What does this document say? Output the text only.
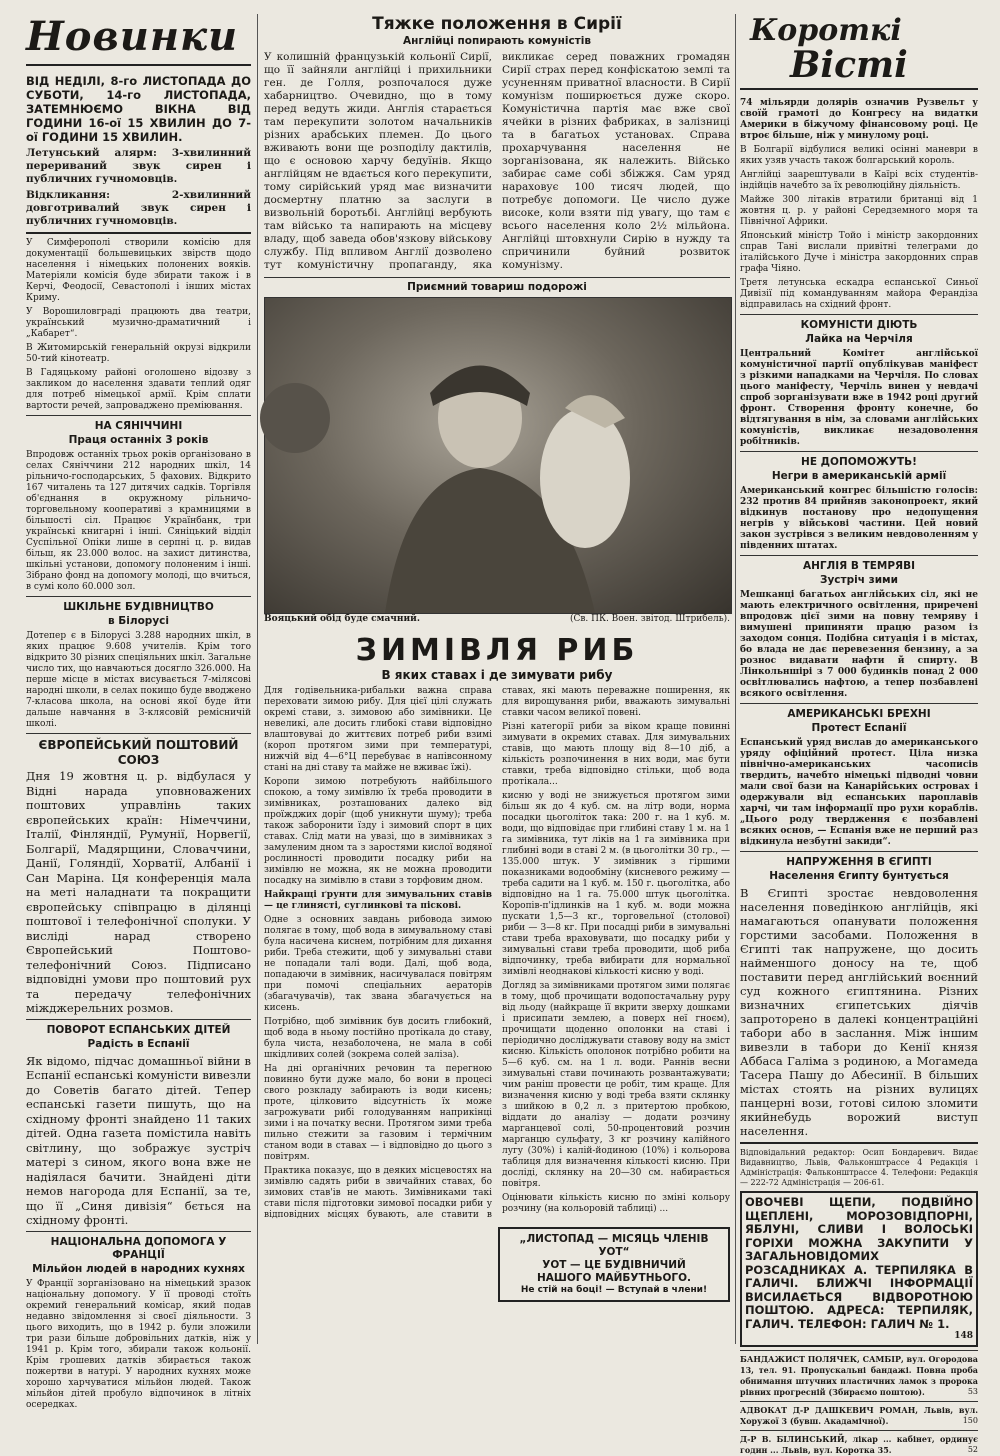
Новинки

ВІД НЕДІЛІ, 8-го ЛИСТОПАДА ДО СУБОТИ, 14-го ЛИСТОПАДА, ЗАТЕМНЮЄМО ВІКНА ВІД ГОДИНИ 16-ої 15 ХВИЛИН ДО 7-ої ГОДИНИ 15 ХВИЛИН.

Летунський алярм: 3-хвилинний перериваний звук сирен і публичних гучномовців.

Відкликання: 2-хвилинний довготривалий звук сирен і публичних гучномовців.

У Симферополі створили комісію для документації большевицьких звірств щодо населення і німецьких полонених вояків. Матеріяли комісія буде збирати також і в Керчі, Феодосії, Севастополі і інших містах Криму.

У Ворошиловграді працюють два театри, український музично-драматичний і „Кабарет“.

В Житомирській генеральній окрузі відкрили 50-тий кінотеатр.

В Гадяцькому районі оголошено відозву з закликом до населення здавати теплий одяг для потреб німецької армії. Крім сплати вартости речей, запроваджено преміювання.

НА СЯНІЧЧИНІ
Праця останніх 3 років

Впродовж останніх трьох років організовано в селах Сяніччини 212 народних шкіл, 14 рільничо-господарських, 5 фахових. Відкрито 167 читалень та 127 дитячих садків. Торгівля об'єднання в окружному рільничо-торговельному кооперативі з крамницями в більшості сіл. Працює Українбанк, три українські книгарні і інші. Сяніцький відділ Суспільної Опіки лише в серпні ц. р. видав більш, як 23.000 волос. на захист дитинства, шкільні установи, допомогу полоненим і інші. Зібрано фонд на допомогу молоді, що вчиться, в сумі коло 60.000 зол.

ШКІЛЬНЕ БУДІВНИЦТВО
в Білорусі

Дотепер є в Білорусі 3.288 народних шкіл, в яких працює 9.608 учителів. Крім того відкрито 30 різних спеціяльних шкіл. Загальне число тих, що навчаються досягло 326.000. На перше місце в містах висувається 7-мілясові народні школи, в селах покищо буде вводжено 7-класова школа, на основі якої буде йти дальше навчання в 3-клясовій ремісничій школі.

ЄВРОПЕЙСЬКИЙ ПОШТОВИЙ СОЮЗ

Дня 19 жовтня ц. р. відбулася у Відні нарада уповноважених поштових управлінь таких європейських країн: Німеччини, Італії, Фінляндії, Румунії, Норвегії, Болгарії, Мадярщини, Словаччини, Данії, Голяндії, Хорватії, Албанії і Сан Маріна. Ця конференція мала на меті наладнати та покращити європейську співпрацю в ділянці поштової і телефонічної сполуки. У висліді нарад створено Європейський Поштово-телефонічний Союз. Підписано відповідні умови про поштовий рух та передачу телефонічних міжджерельних розмов.

ПОВОРОТ ЕСПАНСЬКИХ ДІТЕЙ
Радість в Еспанії

Як відомо, підчас домашньої війни в Еспанії еспанські комуністи вивезли до Советів багато дітей. Тепер еспанські газети пишуть, що на східному фронті знайдено 11 таких дітей. Одна газета помістила навіть світлину, що зображує зустріч матері з сином, якого вона вже не надіялася бачити. Знайдені діти немов нагорода для Еспанії, за те, що її „Синя дивізія“ бється на східному фронті.

НАЦІОНАЛЬНА ДОПОМОГА У ФРАНЦІЇ
Мільйон людей в народних кухнях

У Франції зорганізовано на німецький зразок національну допомогу. У її проводі стоїть окремий генеральний комісар, який подав недавно звідомлення зі своєї діяльности. З цього виходить, що в 1942 р. були зложили три рази більше добровільних датків, ніж у 1941 р. Крім того, збирали також кольонії. Крім грошевих датків збирається також пожертви в натурі. У народних кухнях може хорошо харчуватися мільйон людей. Також мільйон дітей пробуло відпочинок в літніх осередках.

Тяжке положення в Сирії
Англійці попирають комуністів

У колишній французькій кольонії Сирії, що її зайняли англійці і прихильники ген. де Голля, розпочалося дуже хабарництво. Очевидно, що в тому перед ведуть жиди. Англія старається там перекупити золотом начальників різних арабських племен. До цього вживають вони ще розподілу дактилів, що є основою харчу бедуїнів. Якщо англійцям не вдається кого перекупити, тому сирійський уряд має визначити досмертну платню за заслуги в визвольній боротьбі. Англійці вербують там військо та напирають на місцеву владу, щоб заведа обов'язкову військову службу. Під впливом Англії дозволено тут комуністичну пропаганду, яка викликає серед поважних громадян Сирії страх перед конфіскатою землі та усуненням приватної власности. В Сирії комунізм поширюється дуже скоро. Комуністична партія має вже свої ячейки в різних фабриках, в залізниці та в багатьох установах. Справа прохарчування населення не зорганізована, як належить. Військо забирає саме собі збіжжя. Сам уряд нараховує 100 тисяч людей, що потребує допомоги. Це число дуже високе, коли взяти під увагу, що там є всього населення коло 2½ мільйона. Англійці штовхнули Сирію в нужду та спричинили буйний розвиток комунізму.

Приємний товариш подорожі
Вояцький обід буде смачний.	(Св. ПК. Воен. звітод. Штрибель).
ЗИМІВЛЯ РИБ
В яких ставах і де зимувати рибу

Для годівельника-рибальки важна справа переховати зимою рибу. Для цієї цілі служать окремі стави, з. зимовою або зимівники. Це невеликі, але досить глибокі стави відповідно влаштовуваі до життєвих потреб риби взимі (короп протягом зими при температурі, нижчій від 4—6°Ц перебуває в напівсонному стані на дні ставу та майже не вживає їжі).

Коропи зимою потребують найбільшого спокою, а тому зимівлю їх треба проводити в зимівниках, розташованих далеко від проїжджих доріг (щоб уникнути шуму); треба також заборонити їзду і зимовий спорт в цих ставах. Слід мати на увазі, що в зимівниках з замуленим дном та з заростями кислої водяної рослинності проводити посадку риби на зимівлю не можна, як не можна проводити посадку на зимівлю в стави з торфовим дном.

Найкращі ґрунти для зимувальних ставів — це глинясті, суглинкові та піскові.

Одне з основних завдань рибовода зимою полягає в тому, щоб вода в зимувальному ставі була насичена киснем, потрібним для дихання риби. Треба стежити, щоб у зимувальні стави не попадали талі води. Далі, щоб вода, попадаючи в зимівник, насичувалася повітрям при помочі спеціальних аераторів (збагачувачів), так звана збагачується на кисень.

Потрібно, щоб зимівник був досить глибокий, щоб вода в ньому постійно протікала до ставу, була чиста, незаболочена, не мала в собі шкідливих солей (зокрема солей заліза).

На дні органічних речовин та перегною повинно бути дуже мало, бо вони в процесі свого розкладу забирають із води кисень; проте, цілковито відсутність їх може загрожувати рибі голодуванням наприкінці зими і на початку весни. Протягом зими треба пильно стежити за газовим і термічним станом води в ставах — і відповідно до цього з повітрям.

Практика показує, що в деяких місцевостях на зимівлю садять риби в звичайних ставах, бо зимових став'ів не мають. Зимівниками такі стави після підготовки зимової посадки риби у відповідних місцях бувають, але ставити в ставах, які мають переважне поширення, як для вирощування риби, вважають зимувальні ставки часом великої повені.

Різні категорії риби за віком краще повинні зимувати в окремих ставах. Для зимувальних ставів, що мають площу від 8—10 діб, а кількість розпочинення в них води, має бути ставки, треба відповідно стільки, щоб вода протікала...

кисню у воді не знижується протягом зими більш як до 4 куб. см. на літр води, норма посадки цьоголіток така: 200 г. на 1 куб. м. води, що відповідає при глибині ставу 1 м. на 1 га зимівника, тут ліків на 1 га зимівника при глибині води в ставі 2 м. (в цьоголітки 30 гр., — 135.000 штук. У зимівник з гіршими показниками водообміну (кисневого режиму — треба садити на 1 куб. м. 150 г. цьоголітка, або відповідно на 1 га. 75.000 штук цьоголітка. Коропів-п'ідлинків на 1 куб. м. води можна пускати 1,5—3 кг., торговельної (столової) риби — 3—8 кг. При посадці риби в зимувальні стави треба враховувати, що посадку риби у зимувальні стави треба проводити, щоб риба відпочинку, треба вибирати для нормальної зимівлі неоднакові кількості кисню у воді.

Догляд за зимівниками протягом зими полягає в тому, щоб прочищати водопостачальну руру від льоду (найкраще її вкрити зверху дошками і присипати землею, а поверх неї гноєм), прочищати щоденно ополонки на ставі і періодично досліджувати ставову воду на зміст кисню. Кількість ополонок потрібно робити на 5—6 куб. см. на 1 л. води. Раннів весни зимувальні стави починають розвантажувати; чим раніш провести це робіт, тим краще. Для визначення кисню у воді треба взяти склянку з шийкою в 0,2 л. з притертою пробкою, віддати до аналізу — додати розчину марганцевої солі, 50-процентовий розчин марганцю сульфату, 3 кг розчину калійного лугу (30%) і калій-йодиною (10%) і кольорова таблиця для визначення кількості кисню. При досліді, склянку на 20—30 см. набирається повітря.

Оцінювати кількість кисню по зміні кольору розчину (на кольоровій таблиці) ...

„ЛИСТОПАД — МІСЯЦЬ ЧЛЕНІВ УОТ“
УОТ — ЦЕ БУДІВНИЧИЙ
НАШОГО МАЙБУТНЬОГО.
Не стій на боці! — Вступай в члени!
Короткі
Вісті

74 мільярди долярів означив Рузвельт у своїй грамоті до Конгресу на видатки Америки в біжучому фінансовому році. Це втроє більше, ніж у минулому році.

В Болгарії відбулися великі осінні маневри в яких узяв участь також болгарський король.

Англійці заарештували в Каїрі всіх студентів-індійців начебто за їх революційну діяльність.

Майже 300 літаків втратили британці від 1 жовтня ц. р. у районі Середземного моря та Північної Африки.

Японський міністр Тойо і міністр закордонних справ Тані вислали привітні телеграми до італійського Дуче і міністра закордонних справ графа Чіяно.

Третя летунська ескадра еспанської Синьої Дивізії під командуванням майора Ферандіза відправилась на східний фронт.

КОМУНІСТИ ДІЮТЬ
Лайка на Черчіля

Центральний Комітет англійської комуністичної партії опублікував маніфест з різкими нападками на Черчіля. По словах цього маніфесту, Черчіль винен у невдачі спроб зорганізувати вже в 1942 році другий фронт. Створення фронту конечне, бо відтягування в нім, за словами англійських комуністів, викликає незадоволення робітників.

НЕ ДОПОМОЖУТЬ!
Негри в американській армії

Американський конгрес більшістю голосів: 232 против 84 прийняв законопроект, який відкинув постанову про недопущення негрів у військові частини. Цей новий закон зустрівся з великим невдоволенням у південних штатах.

АНГЛІЯ В ТЕМРЯВІ
Зустріч зими

Мешканці багатьох англійських сіл, які не мають електричного освітлення, приречені впродовж цієї зими на повну темряву і вимушені припиняти працю разом із заходом сонця. Подібна ситуація і в містах, бо влада не дає перевезення бензину, а за рознос видавати нафти й спирту. В Лінкольншірі з 7 000 будинків понад 2 000 освітлювались нафтою, а тепер позбавлені всякого освітлення.

АМЕРИКАНСЬКІ БРЕХНІ
Протест Еспанії

Еспанський уряд вислав до американського уряду офіційний протест. Ціла низка північно-американських часописів твердить, начебто німецькі підводні човни мали свої бази на Канарійських островах і одержували від еспанських пароплавів харчі, чи там інформації про рухи кораблів. „Цього роду твердження є позбавлені всяких основ, — Еспанія вже не перший раз відкинула незбутні закиди“.

НАПРУЖЕННЯ В ЄГИПТІ
Населення Єгипту бунтується

В Єгипті зростає невдоволення населення поведінкою англійців, які намагаються опанувати положення горстими засобами. Положення в Єгипті так напружене, що досить найменшого доносу на те, щоб поставити перед англійський воєнний суд кожного єгиптянина. Різних визначних єгипетських діячів запроторено в далекі концентраційні табори або в заслання. Між іншим вивезли в табори до Кенії князя Аббаса Галіма з родиною, а Могамеда Тасера Пашу до Абесинії. В більших містах стоять на різних вулицях панцерні вози, готові силою зломити якийнебудь ворожий виступ населення.

Відповідальний редактор: Осип Бондаревич. Видає Видавництво, Львів, Фальконштрассе 4 Редакція і Адміністрація: Фальконштрассе 4. Телефони: Редакція — 222-72 Адміністрація — 206-61.

ОВОЧЕВІ ЩЕПИ, ПОДВІЙНО ЩЕПЛЕНІ, МОРОЗОВІДПОРНІ, ЯБЛУНІ, СЛИВИ І ВОЛОСЬКІ ГОРІХИ МОЖНА ЗАКУПИТИ У ЗАГАЛЬНОВІДОМИХ РОЗСАДНИКАХ А. ТЕРПИЛЯКА В ГАЛИЧІ. БЛИЖЧІ ІНФОРМАЦІЇ ВИСИЛАЄТЬСЯ ВІДВОРОТНОЮ ПОШТОЮ. АДРЕСА: ТЕРПИЛЯК, ГАЛИЧ. ТЕЛЕФОН: ГАЛИЧ № 1.

148

БАНДАЖИСТ ПОЛЯЧЕК, САМБІР, вул. Огородова 13, тел. 91. Пропускальні бандажі. Повна проба обнимання штучних пластичних ламок з пророка рівних прогресній (Збираємо поштою).	53

АДВОКАТ Д-Р ДАШКЕВИЧ РОМАН, Львів, вул. Хоружої 3 (бувш. Акадамічної).	150

Д-Р В. БІЛИНСЬКИЙ, лікар ... кабінет, ординує годин ... Львів, вул. Коротка 35.	52
